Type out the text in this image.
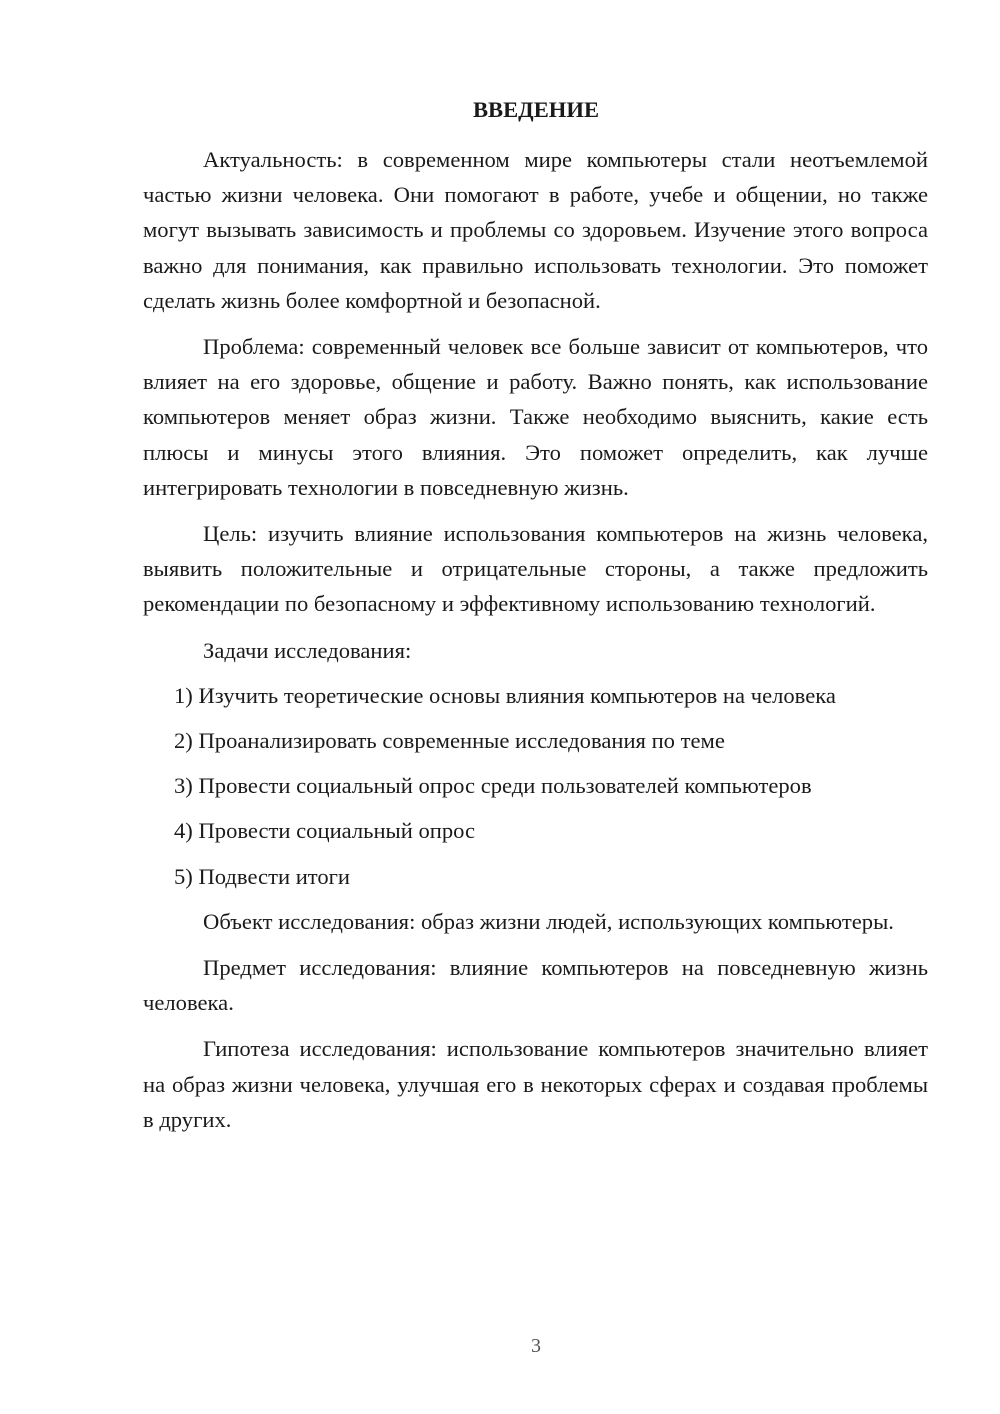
ВВЕДЕНИЕ

Актуальность: в современном мире компьютеры стали неотъемлемой частью жизни человека. Они помогают в работе, учебе и общении, но также могут вызывать зависимость и проблемы со здоровьем. Изучение этого вопроса важно для понимания, как правильно использовать технологии. Это поможет сделать жизнь более комфортной и безопасной.

Проблема: современный человек все больше зависит от компьютеров, что влияет на его здоровье, общение и работу. Важно понять, как использование компьютеров меняет образ жизни. Также необходимо выяснить, какие есть плюсы и минусы этого влияния. Это поможет определить, как лучше интегрировать технологии в повседневную жизнь.

Цель: изучить влияние использования компьютеров на жизнь человека, выявить положительные и отрицательные стороны, а также предложить рекомендации по безопасному и эффективному использованию технологий.

Задачи исследования:

1) Изучить теоретические основы влияния компьютеров на человека

2) Проанализировать современные исследования по теме

3) Провести социальный опрос среди пользователей компьютеров

4) Провести социальный опрос

5) Подвести итоги

Объект исследования: образ жизни людей, использующих компьютеры.

Предмет исследования: влияние компьютеров на повседневную жизнь человека.

Гипотеза исследования: использование компьютеров значительно влияет на образ жизни человека, улучшая его в некоторых сферах и создавая проблемы в других.

3
